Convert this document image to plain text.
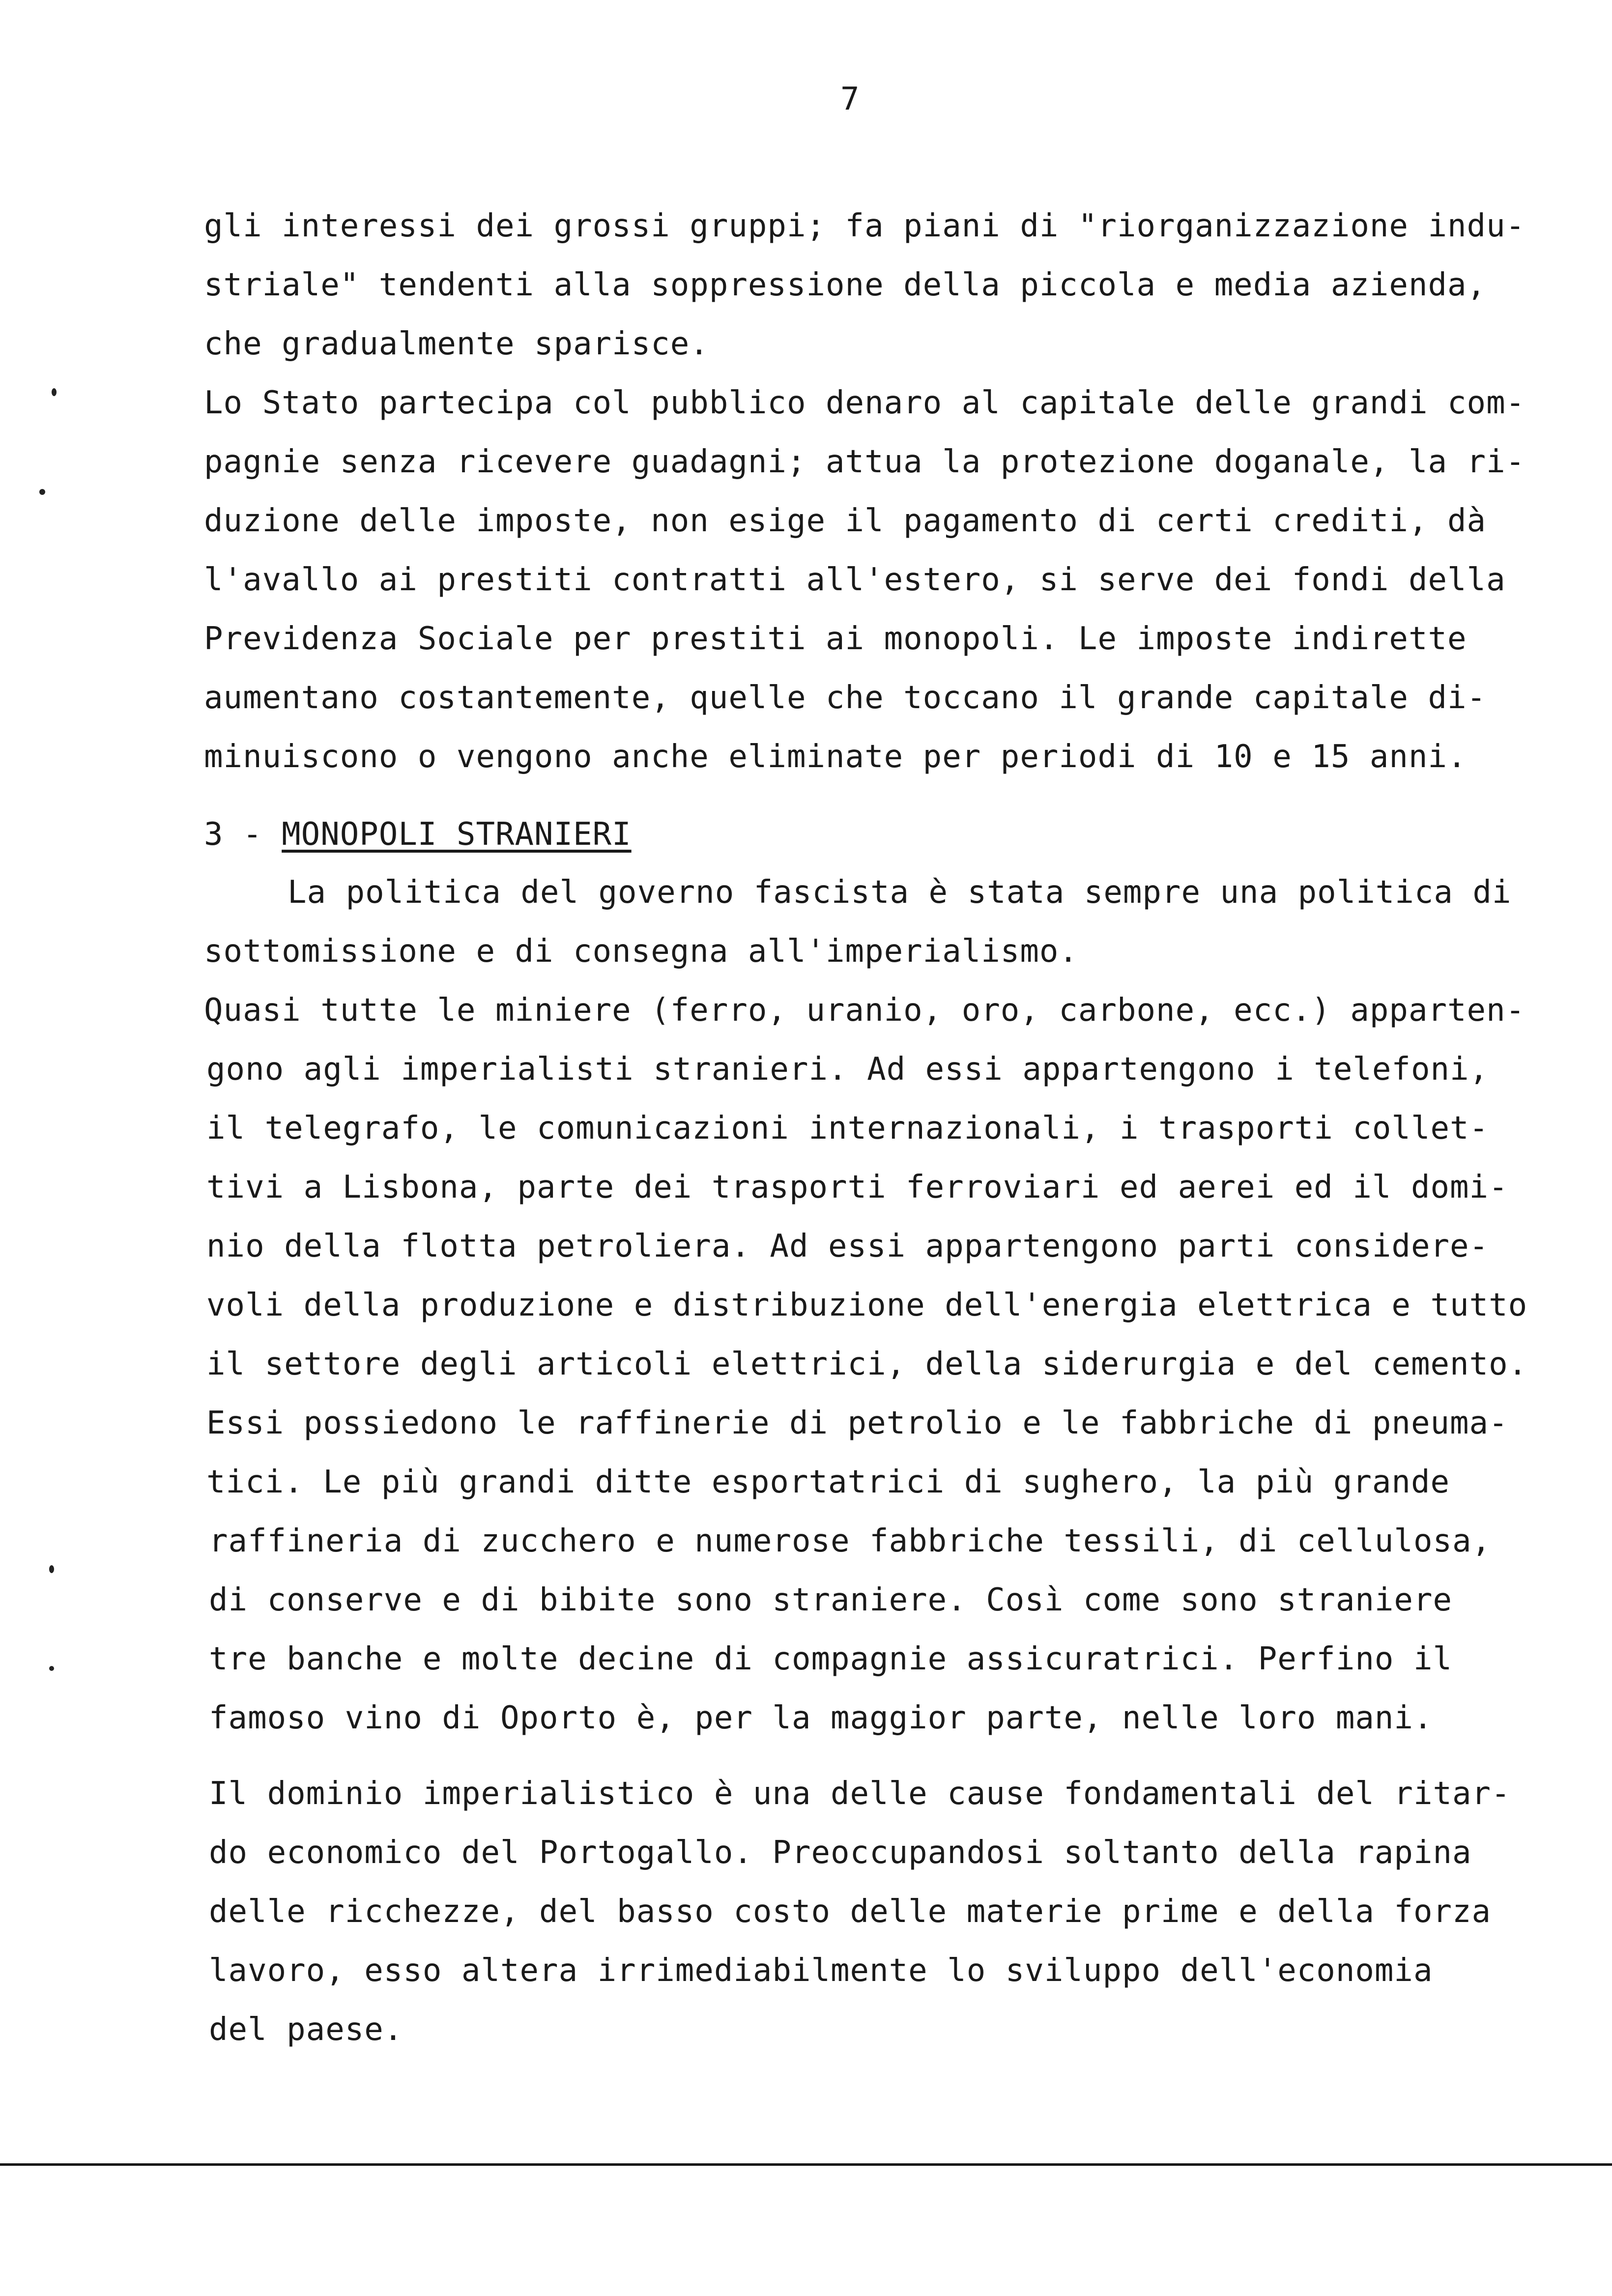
7
gli interessi dei grossi gruppi; fa piani di "riorganizzazione indu-
striale" tendenti alla soppressione della piccola e media azienda,
che gradualmente sparisce.
Lo Stato partecipa col pubblico denaro al capitale delle grandi com-
pagnie senza ricevere guadagni; attua la protezione doganale, la ri-
duzione delle imposte, non esige il pagamento di certi crediti, dà
l'avallo ai prestiti contratti all'estero, si serve dei fondi della
Previdenza Sociale per prestiti ai monopoli. Le imposte indirette
aumentano costantemente, quelle che toccano il grande capitale di-
minuiscono o vengono anche eliminate per periodi di 10 e 15 anni.
3 - MONOPOLI STRANIERI
La politica del governo fascista è stata sempre una politica di
sottomissione e di consegna all'imperialismo.
Quasi tutte le miniere (ferro, uranio, oro, carbone, ecc.) apparten-
gono agli imperialisti stranieri. Ad essi appartengono i telefoni,
il telegrafo, le comunicazioni internazionali, i trasporti collet-
tivi a Lisbona, parte dei trasporti ferroviari ed aerei ed il domi-
nio della flotta petroliera. Ad essi appartengono parti considere-
voli della produzione e distribuzione dell'energia elettrica e tutto
il settore degli articoli elettrici, della siderurgia e del cemento.
Essi possiedono le raffinerie di petrolio e le fabbriche di pneuma-
tici. Le più grandi ditte esportatrici di sughero, la più grande
raffineria di zucchero e numerose fabbriche tessili, di cellulosa,
di conserve e di bibite sono straniere. Così come sono straniere
tre banche e molte decine di compagnie assicuratrici. Perfino il
famoso vino di Oporto è, per la maggior parte, nelle loro mani.
Il dominio imperialistico è una delle cause fondamentali del ritar-
do economico del Portogallo. Preoccupandosi soltanto della rapina
delle ricchezze, del basso costo delle materie prime e della forza
lavoro, esso altera irrimediabilmente lo sviluppo dell'economia
del paese.
